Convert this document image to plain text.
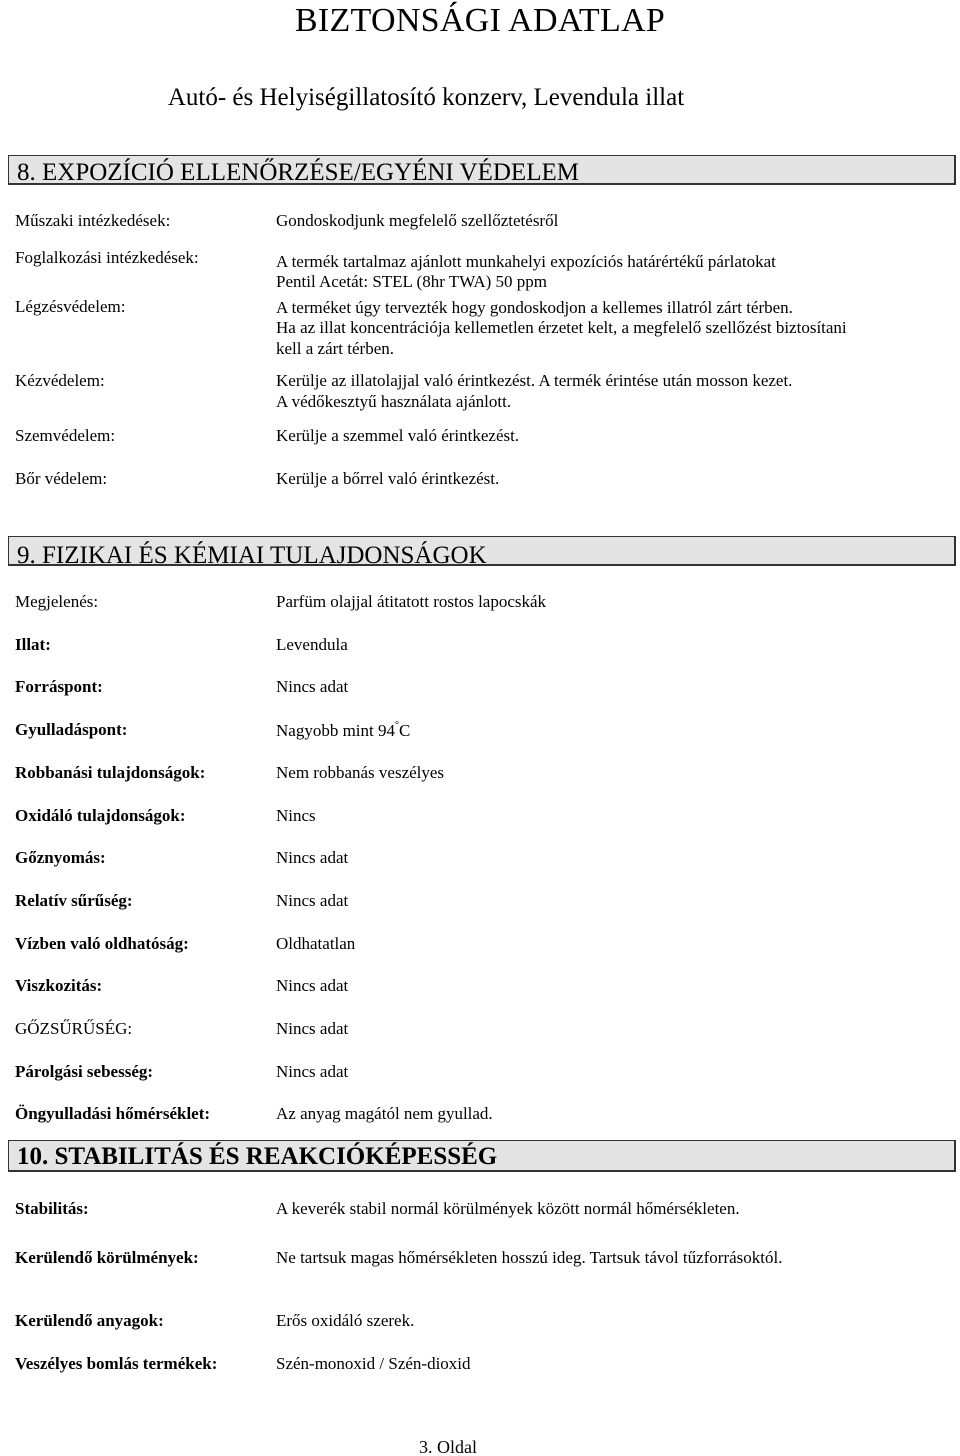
BIZTONSÁGI ADATLAP
Autó- és Helyiségillatosító konzerv, Levendula illat
8. EXPOZÍCIÓ ELLENŐRZÉSE/EGYÉNI VÉDELEM
Műszaki intézkedések:	Gondoskodjunk megfelelő szellőztetésről
Foglalkozási intézkedések:	A termék tartalmaz ajánlott munkahelyi expozíciós határértékű párlatokat
Pentil Acetát: STEL (8hr TWA) 50 ppm
Légzésvédelem:	A terméket úgy tervezték hogy gondoskodjon a kellemes illatról zárt térben.
Ha az illat koncentrációja kellemetlen érzetet kelt, a megfelelő szellőzést biztosítani
kell a zárt térben.
Kézvédelem:	Kerülje az illatolajjal való érintkezést. A termék érintése után mosson kezet.
A védőkesztyű használata ajánlott.
Szemvédelem:	Kerülje a szemmel való érintkezést.
Bőr védelem:	Kerülje a bőrrel való érintkezést.
9. FIZIKAI ÉS KÉMIAI TULAJDONSÁGOK
Megjelenés:	Parfüm olajjal átitatott rostos lapocskák
Illat:	Levendula
Forráspont:	Nincs adat
Gyulladáspont:	Nagyobb mint 94°C
Robbanási tulajdonságok:	Nem robbanás veszélyes
Oxidáló tulajdonságok:	Nincs
Gőznyomás:	Nincs adat
Relatív sűrűség:	Nincs adat
Vízben való oldhatóság:	Oldhatatlan
Viszkozitás:	Nincs adat
GŐZSŰRŰSÉG:	Nincs adat
Párolgási sebesség:	Nincs adat
Öngyulladási hőmérséklet:	Az anyag magától nem gyullad.
10. STABILITÁS ÉS REAKCIÓKÉPESSÉG
Stabilitás:	A keverék stabil normál körülmények között normál hőmérsékleten.
Kerülendő körülmények:	Ne tartsuk magas hőmérsékleten hosszú ideg. Tartsuk távol tűzforrásoktól.
Kerülendő anyagok:	Erős oxidáló szerek.
Veszélyes bomlás termékek:	Szén-monoxid / Szén-dioxid
3. Oldal
